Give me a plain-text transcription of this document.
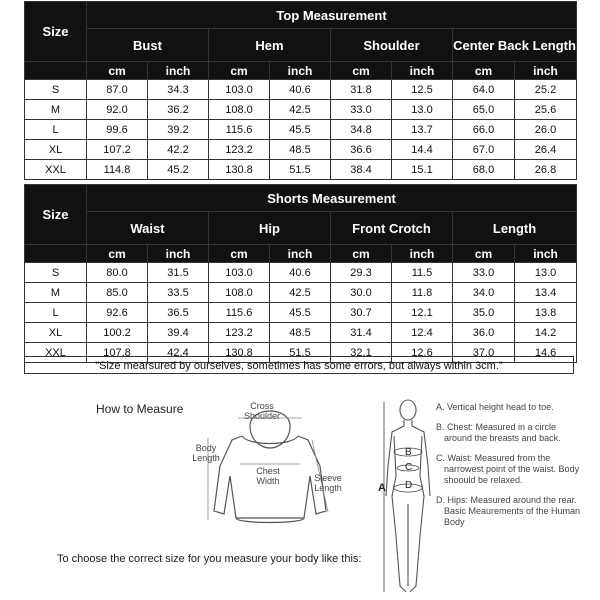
Size	Top Measurement							
	Bust		Hem		Shoulder		Center Back Length	
	cm	inch	cm	inch	cm	inch	cm	inch
S	87.0	34.3	103.0	40.6	31.8	12.5	64.0	25.2
M	92.0	36.2	108.0	42.5	33.0	13.0	65.0	25.6
L	99.6	39.2	115.6	45.5	34.8	13.7	66.0	26.0
XL	107.2	42.2	123.2	48.5	36.6	14.4	67.0	26.4
XXL	114.8	45.2	130.8	51.5	38.4	15.1	68.0	26.8
Size	Shorts Measurement							
	Waist		Hip		Front Crotch		Length	
	cm	inch	cm	inch	cm	inch	cm	inch
S	80.0	31.5	103.0	40.6	29.3	11.5	33.0	13.0
M	85.0	33.5	108.0	42.5	30.0	11.8	34.0	13.4
L	92.6	36.5	115.6	45.5	30.7	12.1	35.0	13.8
XL	100.2	39.4	123.2	48.5	31.4	12.4	36.0	14.2
XXL	107.8	42.4	130.8	51.5	32.1	12.6	37.0	14.6
"Size mearsured by ourselves, sometimes has some errors, but always within 3cm."
How to Measure	Cross Shoulder
Body Length
Chest Width	Sleeve Length
To choose the correct size for you measure your body like this:
A
B
C
D
A. Vertical height head to toe.
B. Chest: Measured in a circle around the breasts and back.
C. Waist: Measured from the narrowest point of the waist. Body shoould be relaxed.
D. Hips: Measured around the rear. Basic Meaurements of the Human Body
